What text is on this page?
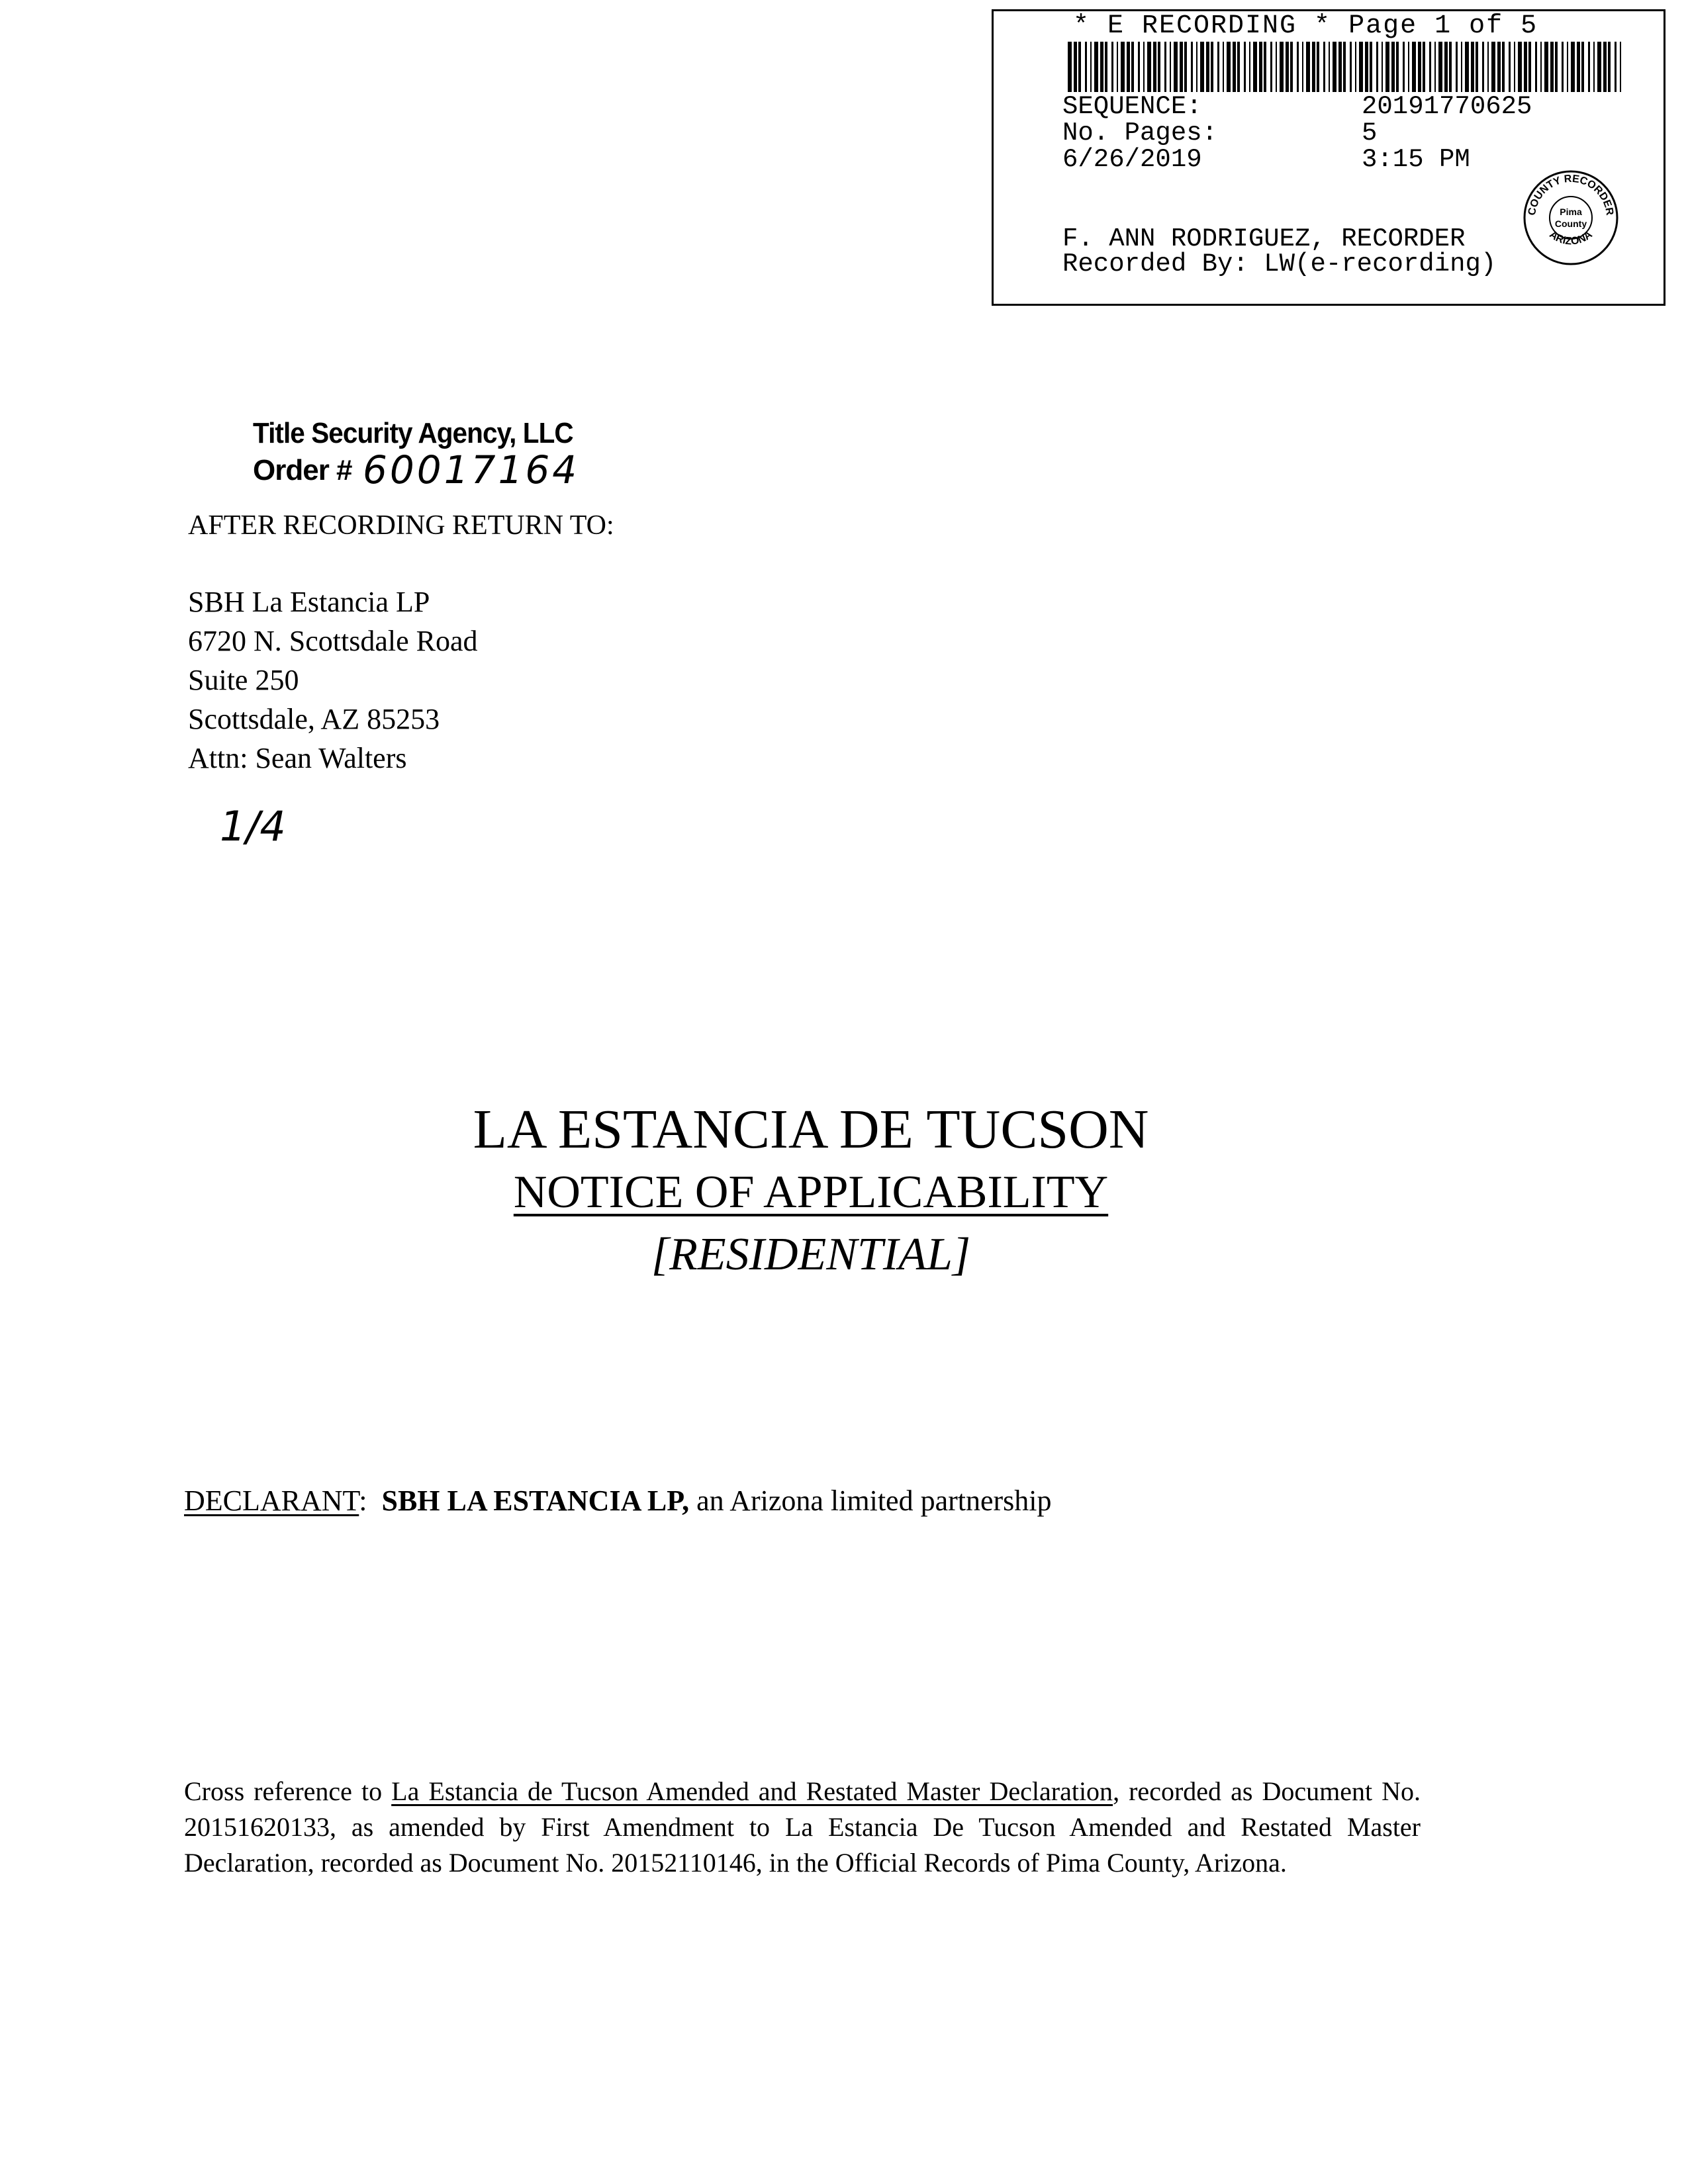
* E RECORDING * Page 1 of 5
SEQUENCE:	20191770625
No. Pages:	5
6/26/2019	3:15 PM
F. ANN RODRIGUEZ, RECORDER
Recorded By: LW(e-recording)
COUNTY RECORDER
Pima
County
ARIZONA
Title Security Agency, LLC
Order # 60017164
AFTER RECORDING RETURN TO:
SBH La Estancia LP
6720 N. Scottsdale Road
Suite 250
Scottsdale, AZ 85253
Attn: Sean Walters
1/4
LA ESTANCIA DE TUCSON
NOTICE OF APPLICABILITY
[RESIDENTIAL]
DECLARANT:  SBH LA ESTANCIA LP, an Arizona limited partnership
Cross reference to La Estancia de Tucson Amended and Restated Master Declaration, recorded as Document No. 20151620133, as amended by First Amendment to La Estancia De Tucson Amended and Restated Master Declaration, recorded as Document No. 20152110146, in the Official Records of Pima County, Arizona.
